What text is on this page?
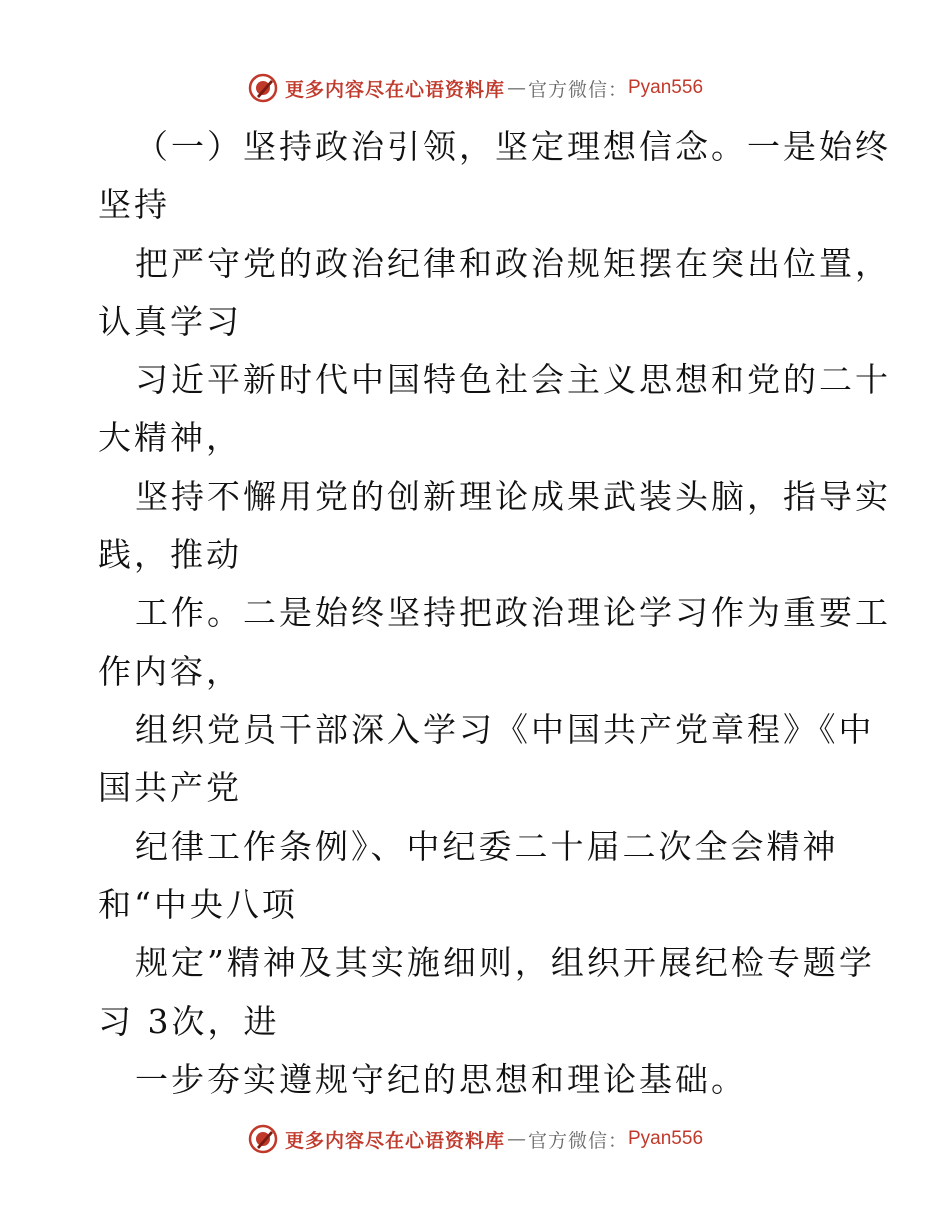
更多内容尽在心语资料库 — 官方微信： Pyan556
（一）坚持政治引领，坚定理想信念。一是始终
坚持
把严守党的政治纪律和政治规矩摆在突出位置，
认真学习
习近平新时代中国特色社会主义思想和党的二十
大精神，
坚持不懈用党的创新理论成果武装头脑，指导实
践，推动
工作。二是始终坚持把政治理论学习作为重要工
作内容，
组织党员干部深入学习《中国共产党章程》《中
国共产党
纪律工作条例》、中纪委二十届二次全会精神
和“中央八项
规定”精神及其实施细则，组织开展纪检专题学
习 3次，进
一步夯实遵规守纪的思想和理论基础。
更多内容尽在心语资料库 — 官方微信： Pyan556
